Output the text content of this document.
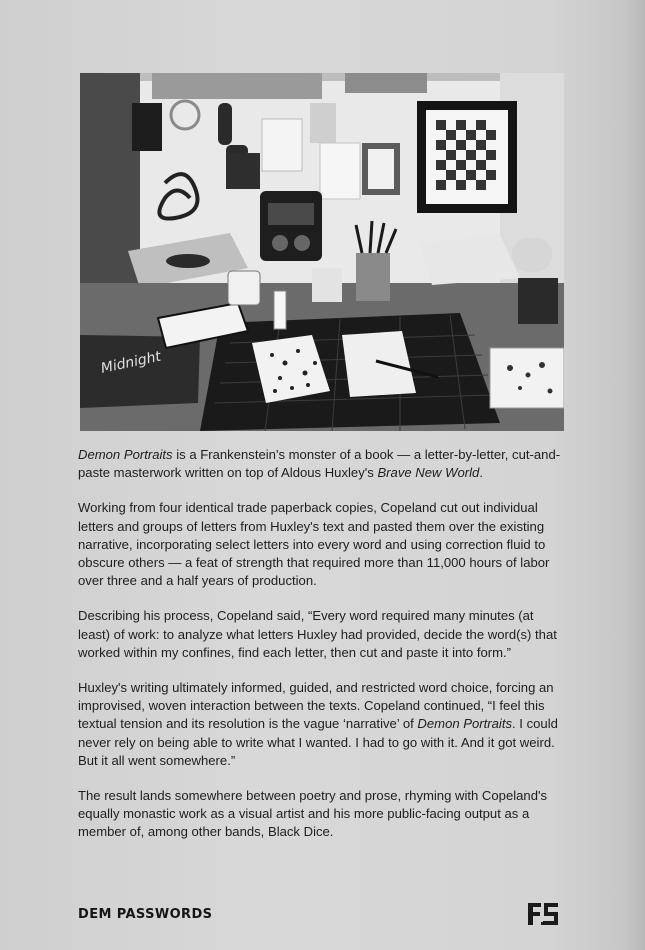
Midnight

Demon Portraits is a Frankenstein's monster of a book — a letter-by-letter, cut-and-paste masterwork written on top of Aldous Huxley's Brave New World.

Working from four identical trade paperback copies, Copeland cut out individual letters and groups of letters from Huxley's text and pasted them over the existing narrative, incorporating select letters into every word and using correction fluid to obscure others — a feat of strength that required more than 11,000 hours of labor over three and a half years of production.

Describing his process, Copeland said, “Every word required many minutes (at least) of work: to analyze what letters Huxley had provided, decide the word(s) that worked within my confines, find each letter, then cut and paste it into form.”

Huxley's writing ultimately informed, guided, and restricted word choice, forcing an improvised, woven interaction between the texts. Copeland continued, “I feel this textual tension and its resolution is the vague ‘narrative’ of Demon Portraits. I could never rely on being able to write what I wanted. I had to go with it. And it got weird. But it all went somewhere.”

The result lands somewhere between poetry and prose, rhyming with Copeland's equally monastic work as a visual artist and his more public-facing output as a member of, among other bands, Black Dice.

DEM PASSWORDS
